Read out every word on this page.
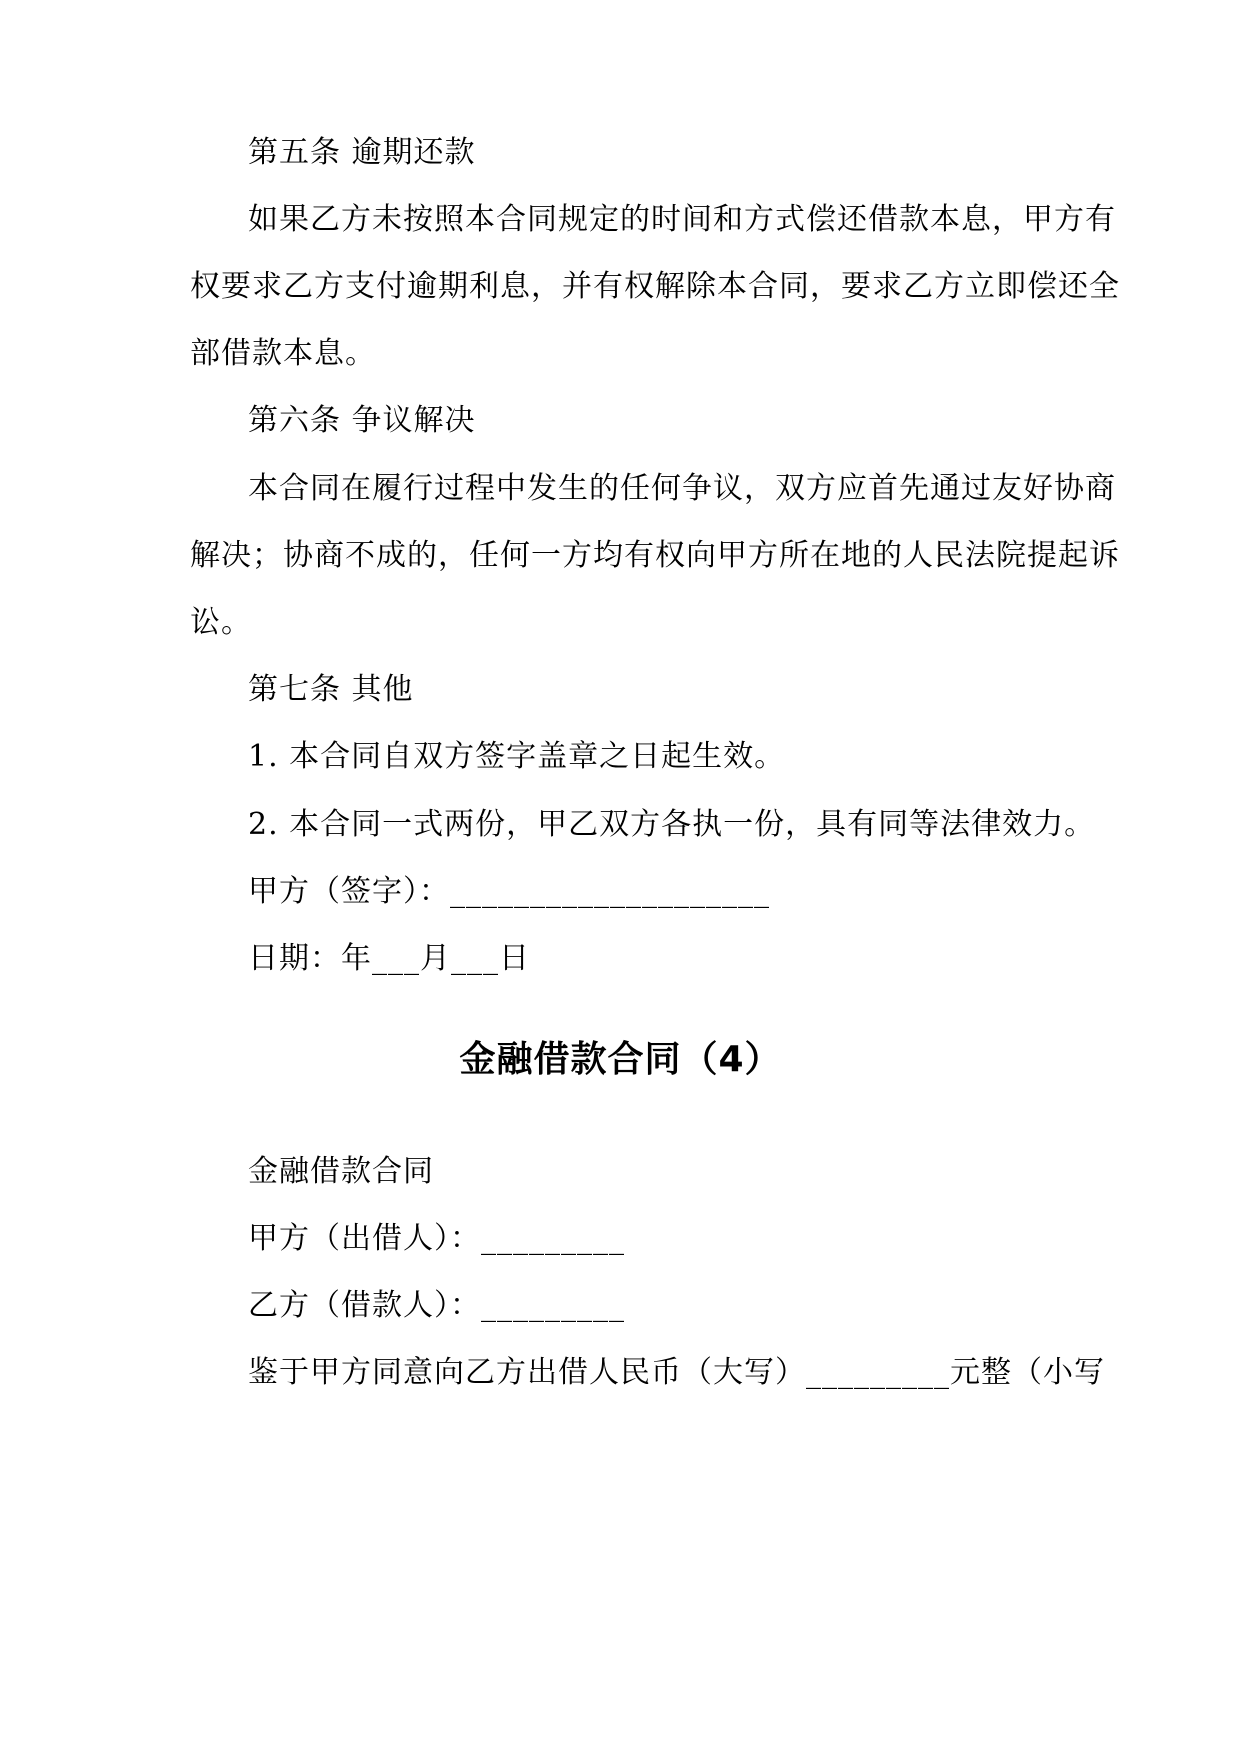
第五条 逾期还款
如果乙方未按照本合同规定的时间和方式偿还借款本息，甲方有
权要求乙方支付逾期利息，并有权解除本合同，要求乙方立即偿还全
部借款本息。
第六条 争议解决
本合同在履行过程中发生的任何争议，双方应首先通过友好协商
解决；协商不成的，任何一方均有权向甲方所在地的人民法院提起诉
讼。
第七条 其他
1. 本合同自双方签字盖章之日起生效。
2. 本合同一式两份，甲乙双方各执一份，具有同等法律效力。
甲方（签字）：____________________
日期：年___月___日
金融借款合同（4）
金融借款合同
甲方（出借人）：_________
乙方（借款人）：_________
鉴于甲方同意向乙方出借人民币（大写）_________元整（小写
